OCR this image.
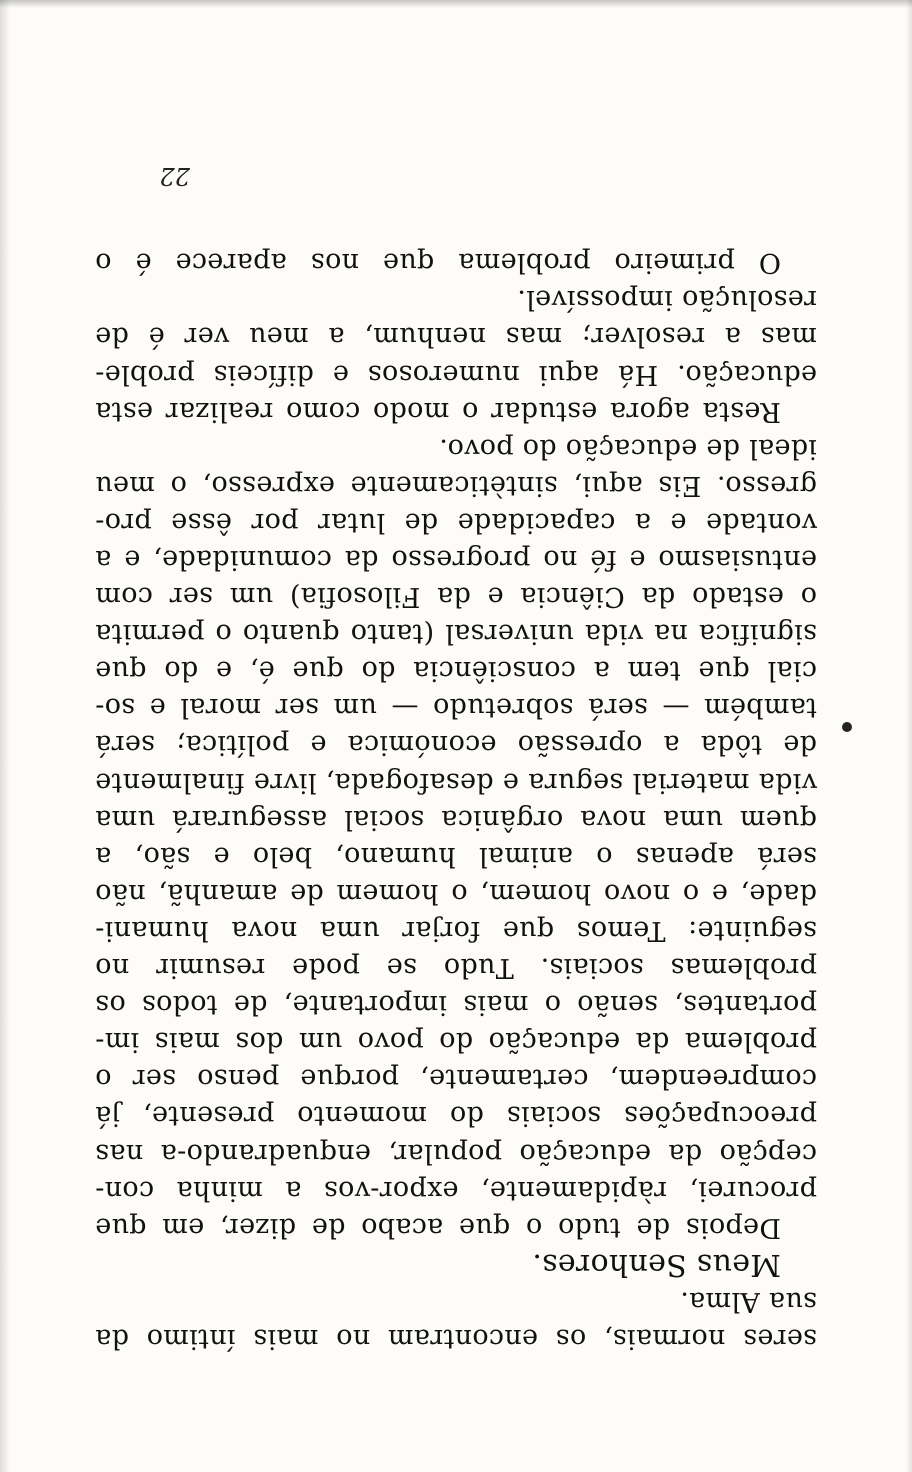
seres normais, os encontram no mais íntimo da
sua Alma.
Meus Senhores.
Depois de tudo o que acabo de dizer, em que
procurei, ràpidamente, expor-vos a minha con-
cepção da educação popular, enquadrando-a nas
preocupações sociais do momento presente, já
compreendem, certamente, porque penso ser o
problema da educação do povo um dos mais im-
portantes, senão o mais importante, de todos os
problemas sociais. Tudo se pode resumir no
seguinte: Temos que forjar uma nova humani-
dade, e o novo homem, o homem de amanhã, não
será apenas o animal humano, belo e são, a
quem uma nova orgânica social assegurará uma
vida material segura e desafogada, livre finalmente
de tôda a opressão económica e política; será
também — será sobretudo — um ser moral e so-
cial que tem a consciência do que é, e do que
significa na vida universal (tanto quanto o permita
o estado da Ciência e da Filosofia) um ser com
entusiasmo e fé no progresso da comunidade, e a
vontade e a capacidade de lutar por êsse pro-
gresso. Eis aqui, sintèticamente expresso, o meu
ideal de educação do povo.
Resta agora estudar o modo como realizar esta
educação. Há aqui numerosos e difíceis proble-
mas a resolver; mas nenhum, a meu ver é de
resolução impossível.
O primeiro problema que nos aparece é o
22
